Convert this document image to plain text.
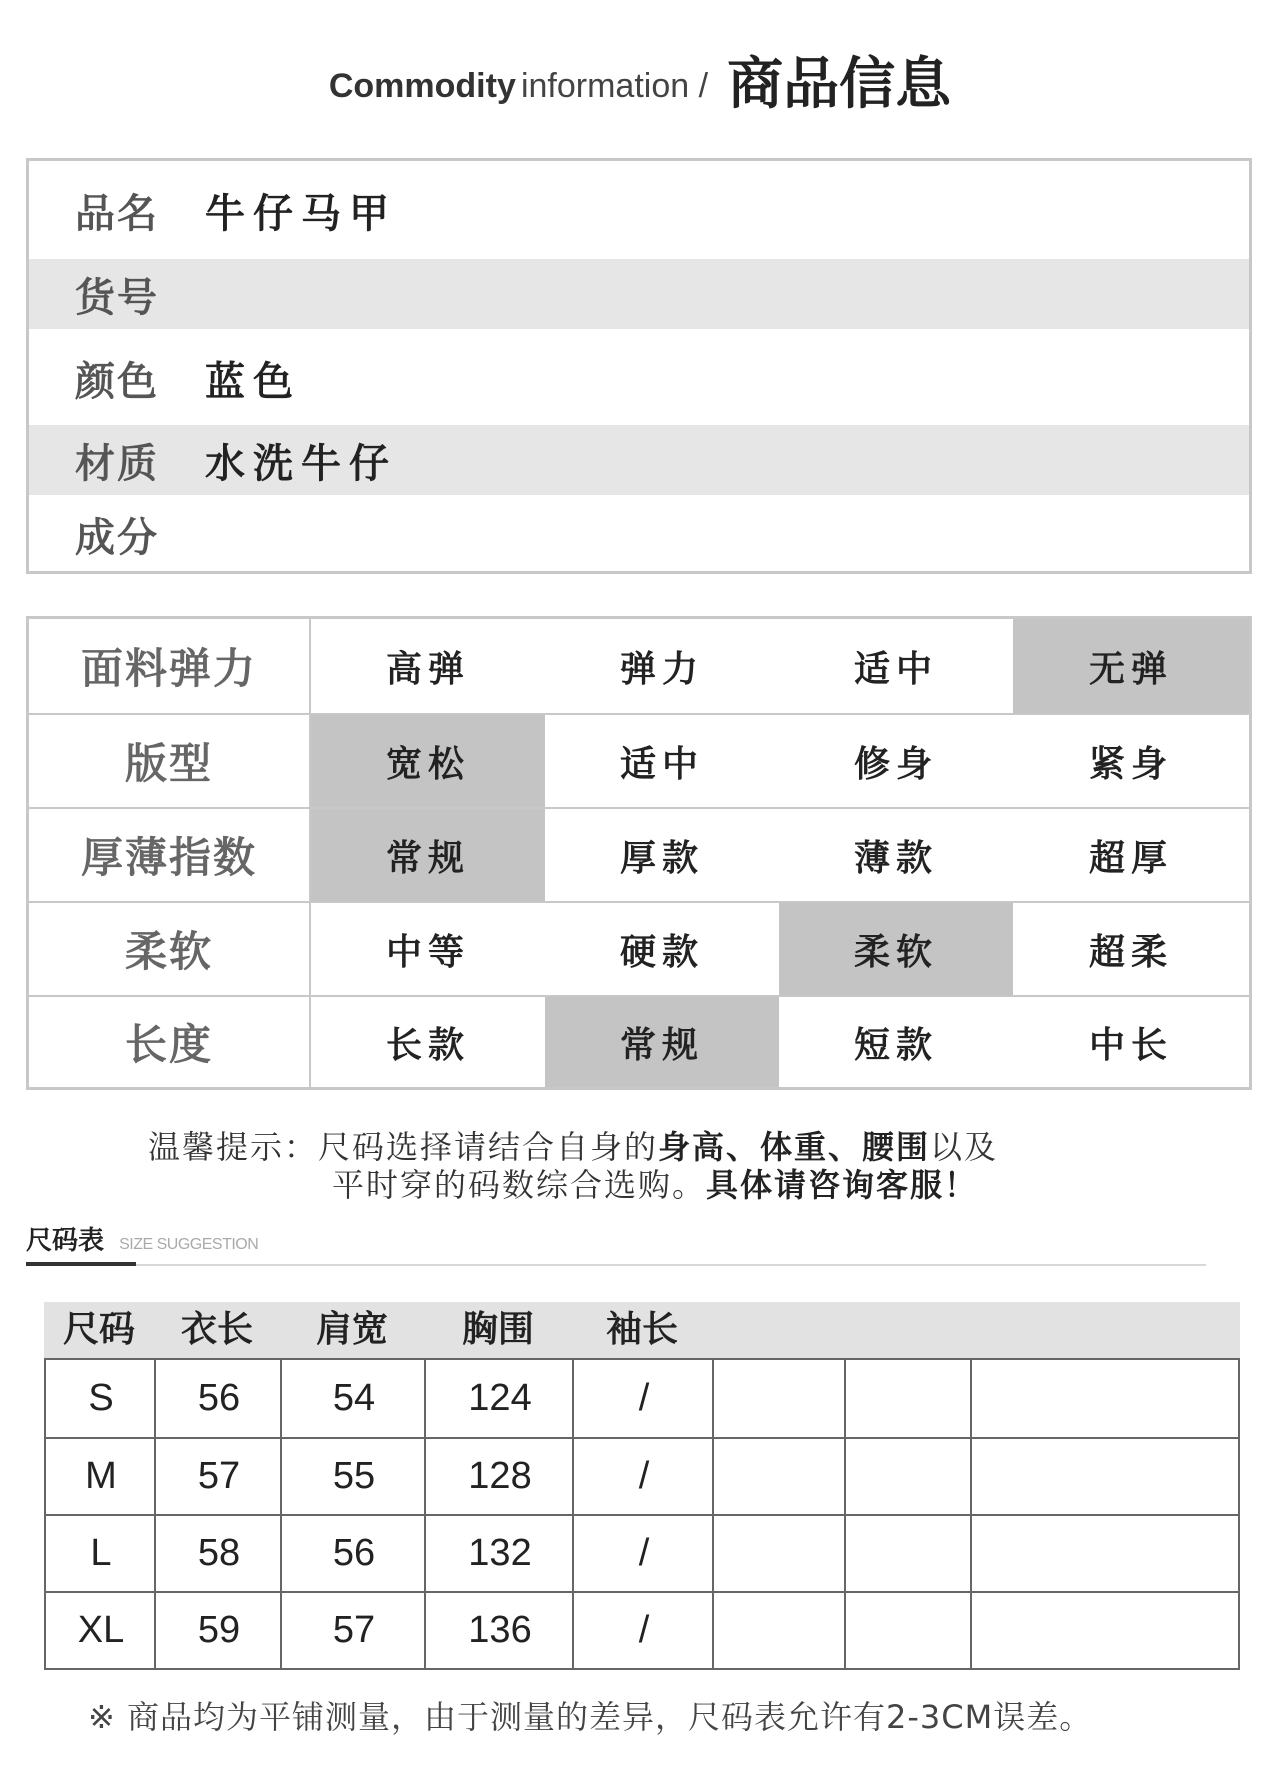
Commodity information / 商品信息
品名	牛仔马甲
货号
颜色	蓝色
材质	水洗牛仔
成分
面料弹力	高弹	弹力	适中	无弹
版型	宽松	适中	修身	紧身
厚薄指数	常规	厚款	薄款	超厚
柔软	中等	硬款	柔软	超柔
长度	长款	常规	短款	中长
温馨提示：尺码选择请结合自身的身高、体重、腰围以及
平时穿的码数综合选购。具体请咨询客服！
尺码表 SIZE SUGGESTION
尺码	衣长	肩宽	胸围	袖长
S	56	54	124	/
M	57	55	128	/
L	58	56	132	/
XL	59	57	136	/
※ 商品均为平铺测量，由于测量的差异，尺码表允许有2-3CM误差。
